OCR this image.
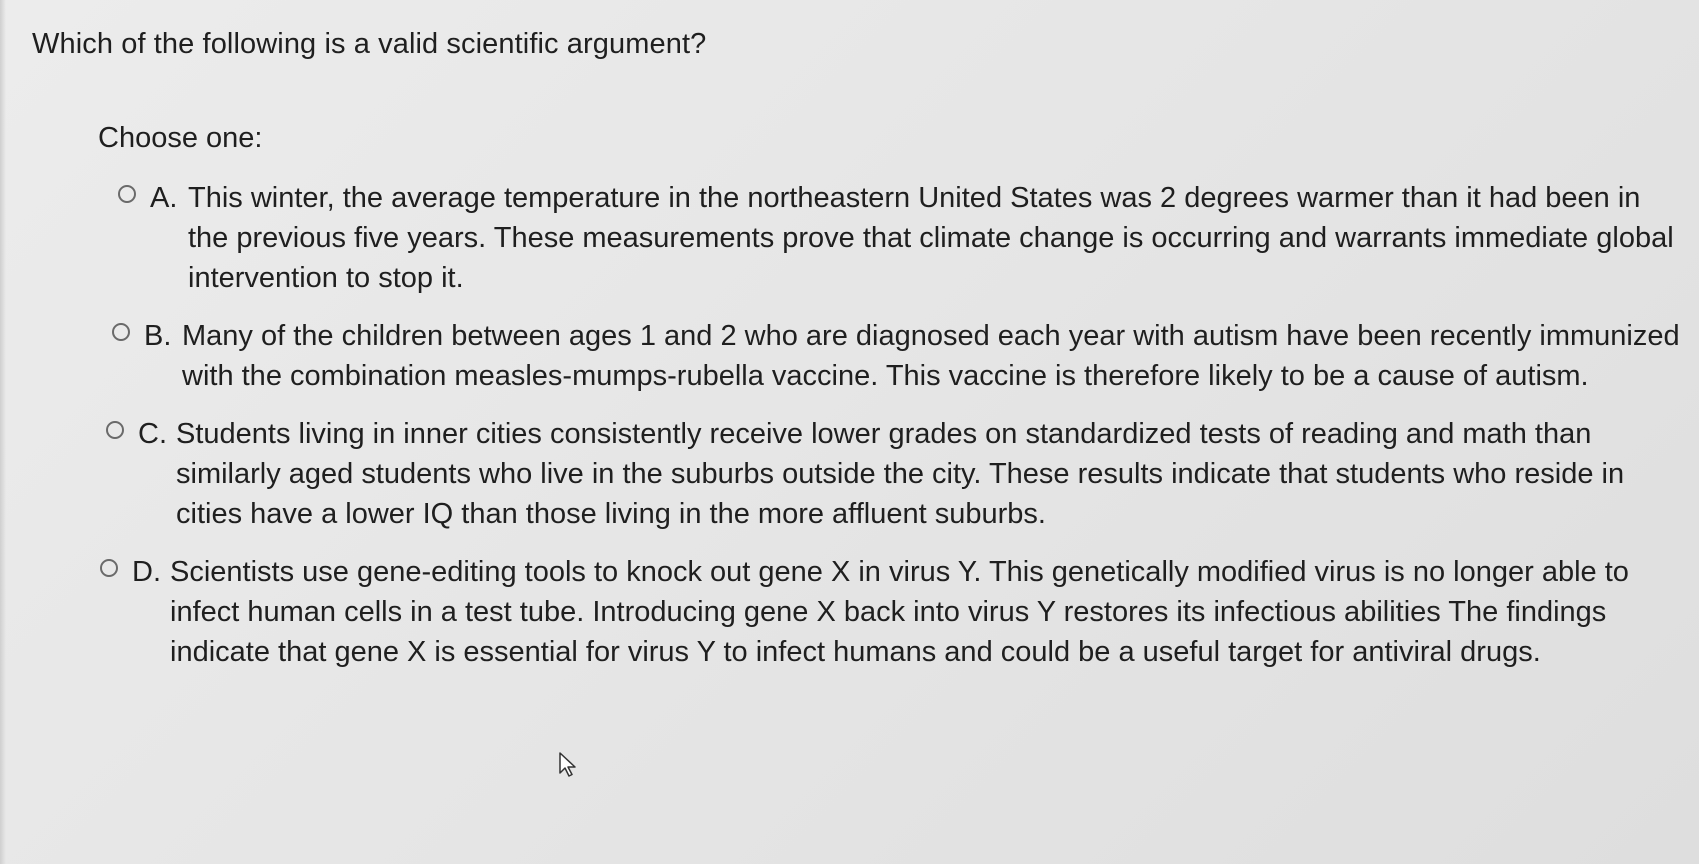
Which of the following is a valid scientific argument?
Choose one:
A. This winter, the average temperature in the northeastern United States was 2 degrees warmer than it had been in the previous five years. These measurements prove that climate change is occurring and warrants immediate global intervention to stop it.
B. Many of the children between ages 1 and 2 who are diagnosed each year with autism have been recently immunized with the combination measles-mumps-rubella vaccine. This vaccine is therefore likely to be a cause of autism.
C. Students living in inner cities consistently receive lower grades on standardized tests of reading and math than similarly aged students who live in the suburbs outside the city. These results indicate that students who reside in cities have a lower IQ than those living in the more affluent suburbs.
D. Scientists use gene-editing tools to knock out gene X in virus Y. This genetically modified virus is no longer able to infect human cells in a test tube. Introducing gene X back into virus Y restores its infectious abilities The findings indicate that gene X is essential for virus Y to infect humans and could be a useful target for antiviral drugs.
